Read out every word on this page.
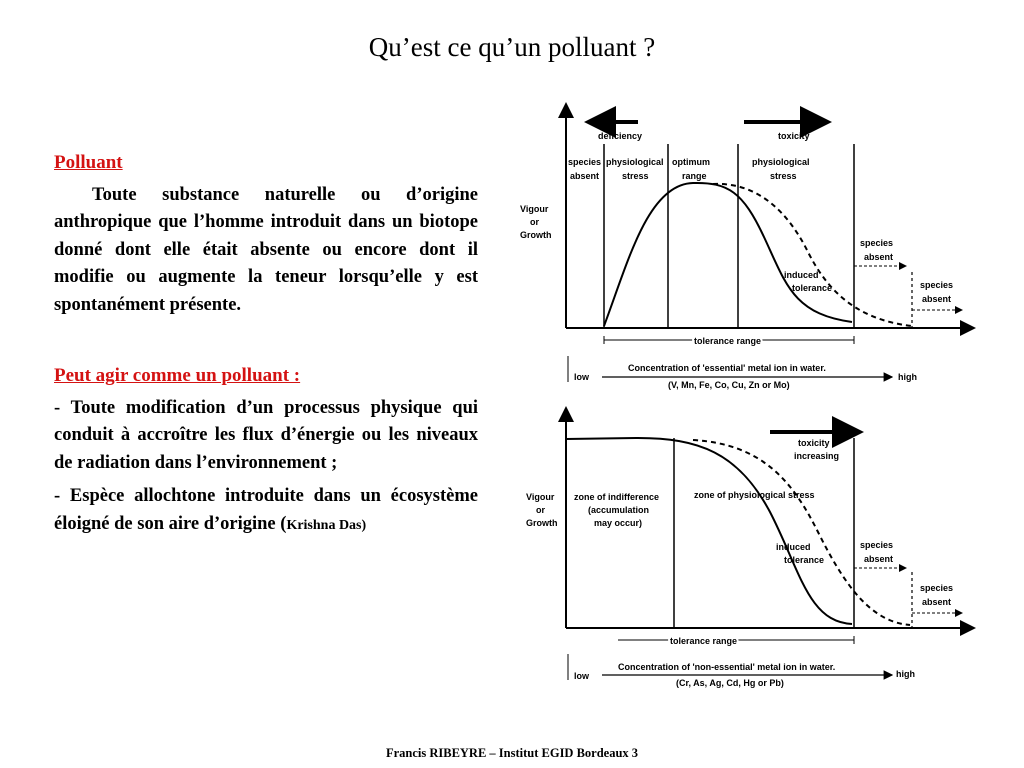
Qu’est ce qu’un polluant ?
Polluant

Toute substance naturelle ou d’origine anthropique que l’homme introduit dans un biotope donné dont elle était absente ou encore dont il modifie ou augmente la teneur lorsqu’elle y est spontanément présente.

Peut agir comme un polluant :

- Toute modification d’un processus physique qui conduit à accroître les flux d’énergie ou les niveaux de radiation dans l’environnement ;

- Espèce allochtone introduite dans un écosystème éloigné de son aire d’origine (Krishna Das)

deficiency	toxicity
species
absent
physiological
stress
optimum
range
physiological
stress
Vigour
or
Growth
induced
tolerance
species
absent
species
absent
tolerance range
low	high
Concentration of 'essential' metal ion in water.
(V, Mn, Fe, Co, Cu, Zn or Mo)
toxicity
increasing
zone of indifference
(accumulation
may occur)
zone of physiological stress
Vigour
or
Growth
induced
tolerance
species
absent
species
absent
tolerance range
low	high
Concentration of 'non-essential' metal ion in water.
(Cr, As, Ag, Cd, Hg or Pb)
Francis RIBEYRE – Institut EGID Bordeaux 3
